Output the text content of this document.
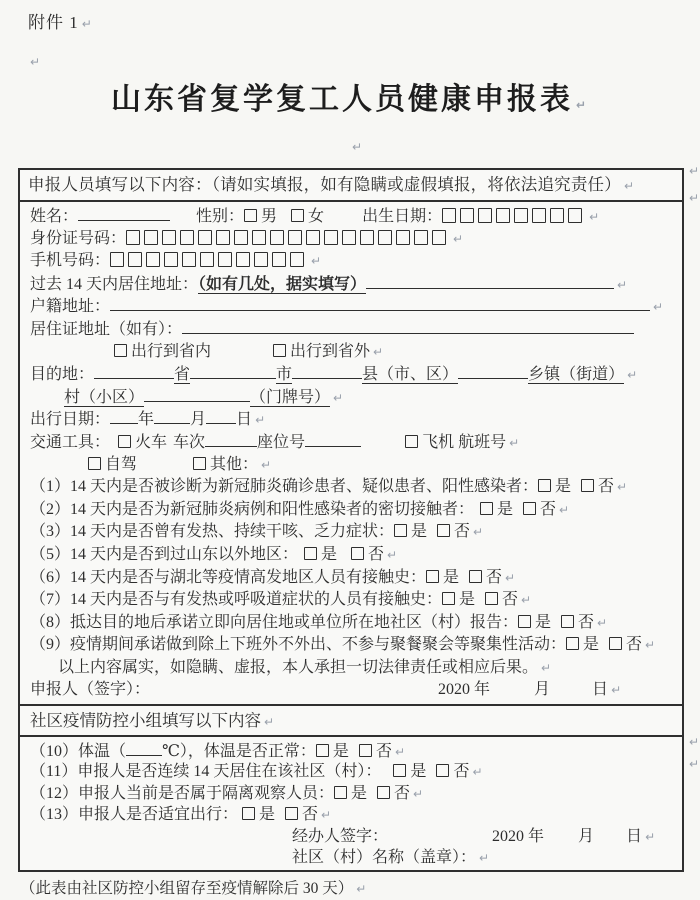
附件 1 ↵
山东省复学复工人员健康申报表 ↵
申报人员填写以下内容：（请如实填报，如有隐瞒或虚假填报，将依法追究责任） ↵
姓名：	性别： 男 女 出生日期：	↵
身份证号码：	↵
手机号码：	↵
过去 14 天内居住地址：（如有几处，据实填写）	↵
户籍地址：	↵
居住证地址（如有）：
出行到省内	出行到省外 ↵
目的地：	省	市	县（市、区）	乡镇（街道） ↵
村（小区）	（门牌号） ↵
出行日期： 年 月 日 ↵
交通工具： 火车 车次	座位号	飞机 航班号 ↵
自驾	其他： ↵
（1）14 天内是否被诊断为新冠肺炎确诊患者、疑似患者、阳性感染者： 是 否 ↵
（2）14 天内是否为新冠肺炎病例和阳性感染者的密切接触者： 是 否 ↵
（3）14 天内是否曾有发热、持续干咳、乏力症状： 是 否 ↵
（5）14 天内是否到过山东以外地区： 是 否 ↵
（6）14 天内是否与湖北等疫情高发地区人员有接触史： 是 否 ↵
（7）14 天内是否与有发热或呼吸道症状的人员有接触史： 是 否 ↵
（8）抵达目的地后承诺立即向居住地或单位所在地社区（村）报告： 是 否 ↵
（9）疫情期间承诺做到除上下班外不外出、不参与聚餐聚会等聚集性活动： 是 否 ↵
以上内容属实，如隐瞒、虚报，本人承担一切法律责任或相应后果。 ↵
申报人（签字）：	2020 年	月	日 ↵
社区疫情防控小组填写以下内容 ↵
（10）体温（ ℃），体温是否正常： 是 否 ↵
（11）申报人是否连续 14 天居住在该社区（村）： 是 否 ↵
（12）申报人当前是否属于隔离观察人员： 是 否 ↵
（13）申报人是否适宜出行： 是 否 ↵
经办人签字：	2020 年 月 日 ↵
社区（村）名称（盖章）： ↵
（此表由社区防控小组留存至疫情解除后 30 天） ↵
↵
↵
↵
↵
↵
↵
